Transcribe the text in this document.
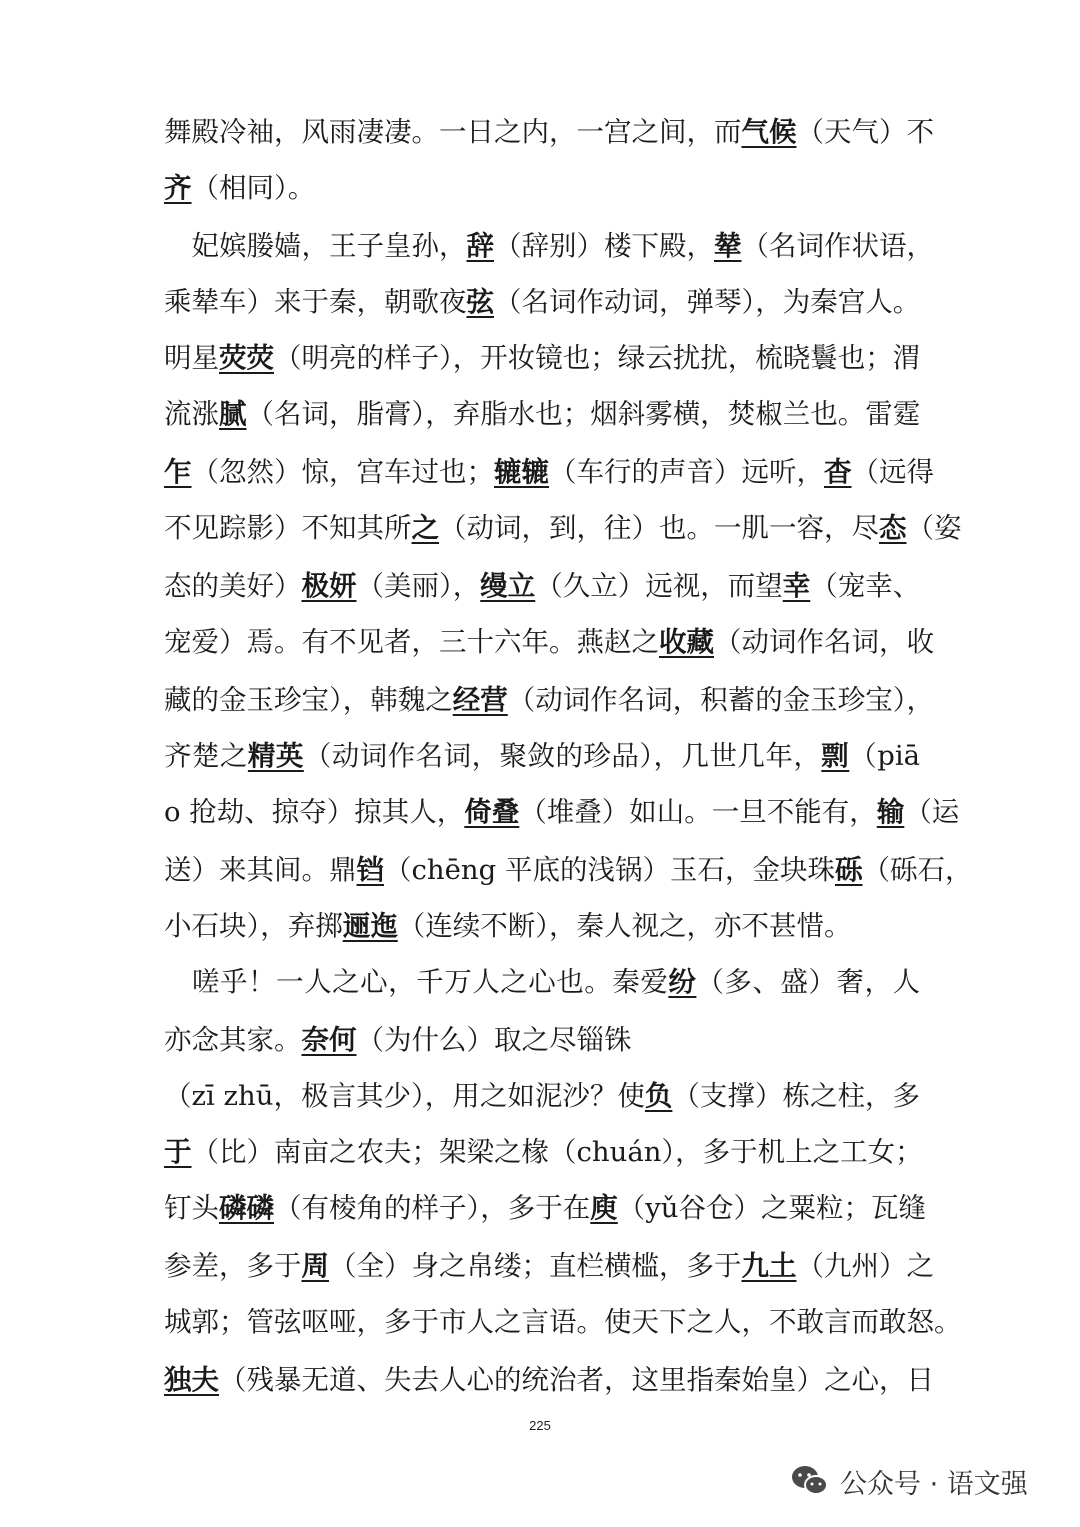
舞殿冷袖，风雨凄凄。一日之内，一宫之间，而气候（天气）不
齐（相同）。
　妃嫔媵嫱，王子皇孙，辞（辞别）楼下殿，辇（名词作状语，
乘辇车）来于秦，朝歌夜弦（名词作动词，弹琴），为秦宫人。
明星荧荧（明亮的样子），开妆镜也；绿云扰扰，梳晓鬟也；渭
流涨腻（名词，脂膏），弃脂水也；烟斜雾横，焚椒兰也。雷霆
乍（忽然）惊，宫车过也；辘辘（车行的声音）远听，杳（远得
不见踪影）不知其所之（动词，到，往）也。一肌一容，尽态（姿
态的美好）极妍（美丽），缦立（久立）远视，而望幸（宠幸、
宠爱）焉。有不见者，三十六年。燕赵之收藏（动词作名词，收
藏的金玉珍宝），韩魏之经营（动词作名词，积蓄的金玉珍宝），
齐楚之精英（动词作名词，聚敛的珍品），几世几年，剽（piā
o 抢劫、掠夺）掠其人，倚叠（堆叠）如山。一旦不能有，输（运
送）来其间。鼎铛（chēng 平底的浅锅）玉石，金块珠砾（砾石，
小石块），弃掷逦迤（连续不断），秦人视之，亦不甚惜。
　嗟乎！一人之心，千万人之心也。秦爱纷（多、盛）奢，人
亦念其家。奈何（为什么）取之尽锱铢
（zī zhū，极言其少），用之如泥沙？使负（支撑）栋之柱，多
于（比）南亩之农夫；架梁之椽（chuán），多于机上之工女；
钉头磷磷（有棱角的样子），多于在庾（yǔ谷仓）之粟粒；瓦缝
参差，多于周（全）身之帛缕；直栏横槛，多于九土（九州）之
城郭；管弦呕哑，多于市人之言语。使天下之人，不敢言而敢怒。
独夫（残暴无道、失去人心的统治者，这里指秦始皇）之心，日
225
公众号 · 语文强
